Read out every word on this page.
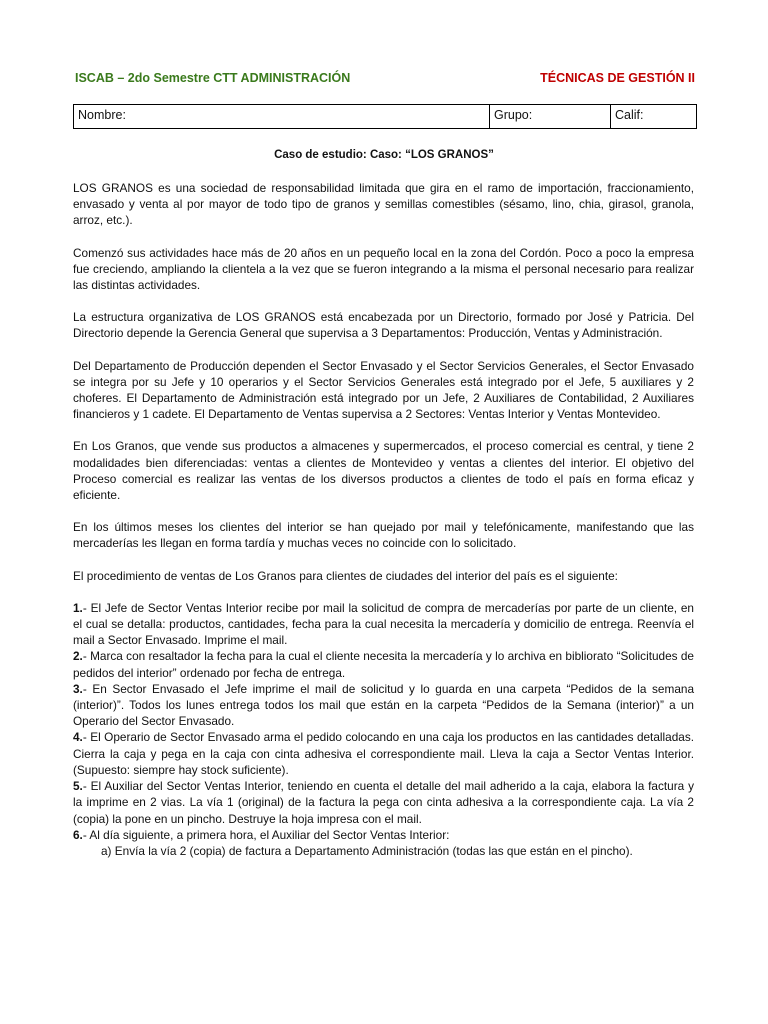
ISCAB – 2do Semestre CTT ADMINISTRACIÓN	TÉCNICAS DE GESTIÓN II
Nombre:	Grupo:	Calif:
Caso de estudio: Caso: “LOS GRANOS”

LOS GRANOS es una sociedad de responsabilidad limitada que gira en el ramo de importación, fraccionamiento, envasado y venta al por mayor de todo tipo de granos y semillas comestibles (sésamo, lino, chia, girasol, granola, arroz, etc.).

Comenzó sus actividades hace más de 20 años en un pequeño local en la zona del Cordón. Poco a poco la empresa fue creciendo, ampliando la clientela a la vez que se fueron integrando a la misma el personal necesario para realizar las distintas actividades.

La estructura organizativa de LOS GRANOS está encabezada por un Directorio, formado por José y Patricia. Del Directorio depende la Gerencia General que supervisa a 3 Departamentos: Producción, Ventas y Administración.

Del Departamento de Producción dependen el Sector Envasado y el Sector Servicios Generales, el Sector Envasado se integra por su Jefe y 10 operarios y el Sector Servicios Generales está integrado por el Jefe, 5 auxiliares y 2 choferes. El Departamento de Administración está integrado por un Jefe, 2 Auxiliares de Contabilidad, 2 Auxiliares financieros y 1 cadete. El Departamento de Ventas supervisa a 2 Sectores: Ventas Interior y Ventas Montevideo.

En Los Granos, que vende sus productos a almacenes y supermercados, el proceso comercial es central, y tiene 2 modalidades bien diferenciadas: ventas a clientes de Montevideo y ventas a clientes del interior. El objetivo del Proceso comercial es realizar las ventas de los diversos productos a clientes de todo el país en forma eficaz y eficiente.

En los últimos meses los clientes del interior se han quejado por mail y telefónicamente, manifestando que las mercaderías les llegan en forma tardía y muchas veces no coincide con lo solicitado.

El procedimiento de ventas de Los Granos para clientes de ciudades del interior del país es el siguiente:

1.- El Jefe de Sector Ventas Interior recibe por mail la solicitud de compra de mercaderías por parte de un cliente, en el cual se detalla: productos, cantidades, fecha para la cual necesita la mercadería y domicilio de entrega. Reenvía el mail a Sector Envasado. Imprime el mail.
2.- Marca con resaltador la fecha para la cual el cliente necesita la mercadería y lo archiva en bibliorato “Solicitudes de pedidos del interior” ordenado por fecha de entrega.
3.- En Sector Envasado el Jefe imprime el mail de solicitud y lo guarda en una carpeta “Pedidos de la semana (interior)”. Todos los lunes entrega todos los mail que están en la carpeta “Pedidos de la Semana (interior)” a un Operario del Sector Envasado.
4.- El Operario de Sector Envasado arma el pedido colocando en una caja los productos en las cantidades detalladas. Cierra la caja y pega en la caja con cinta adhesiva el correspondiente mail. Lleva la caja a Sector Ventas Interior. (Supuesto: siempre hay stock suficiente).
5.- El Auxiliar del Sector Ventas Interior, teniendo en cuenta el detalle del mail adherido a la caja, elabora la factura y la imprime en 2 vias. La vía 1 (original) de la factura la pega con cinta adhesiva a la correspondiente caja. La vía 2 (copia) la pone en un pincho. Destruye la hoja impresa con el mail.
6.- Al día siguiente, a primera hora, el Auxiliar del Sector Ventas Interior:
a) Envía la vía 2 (copia) de factura a Departamento Administración (todas las que están en el pincho).
